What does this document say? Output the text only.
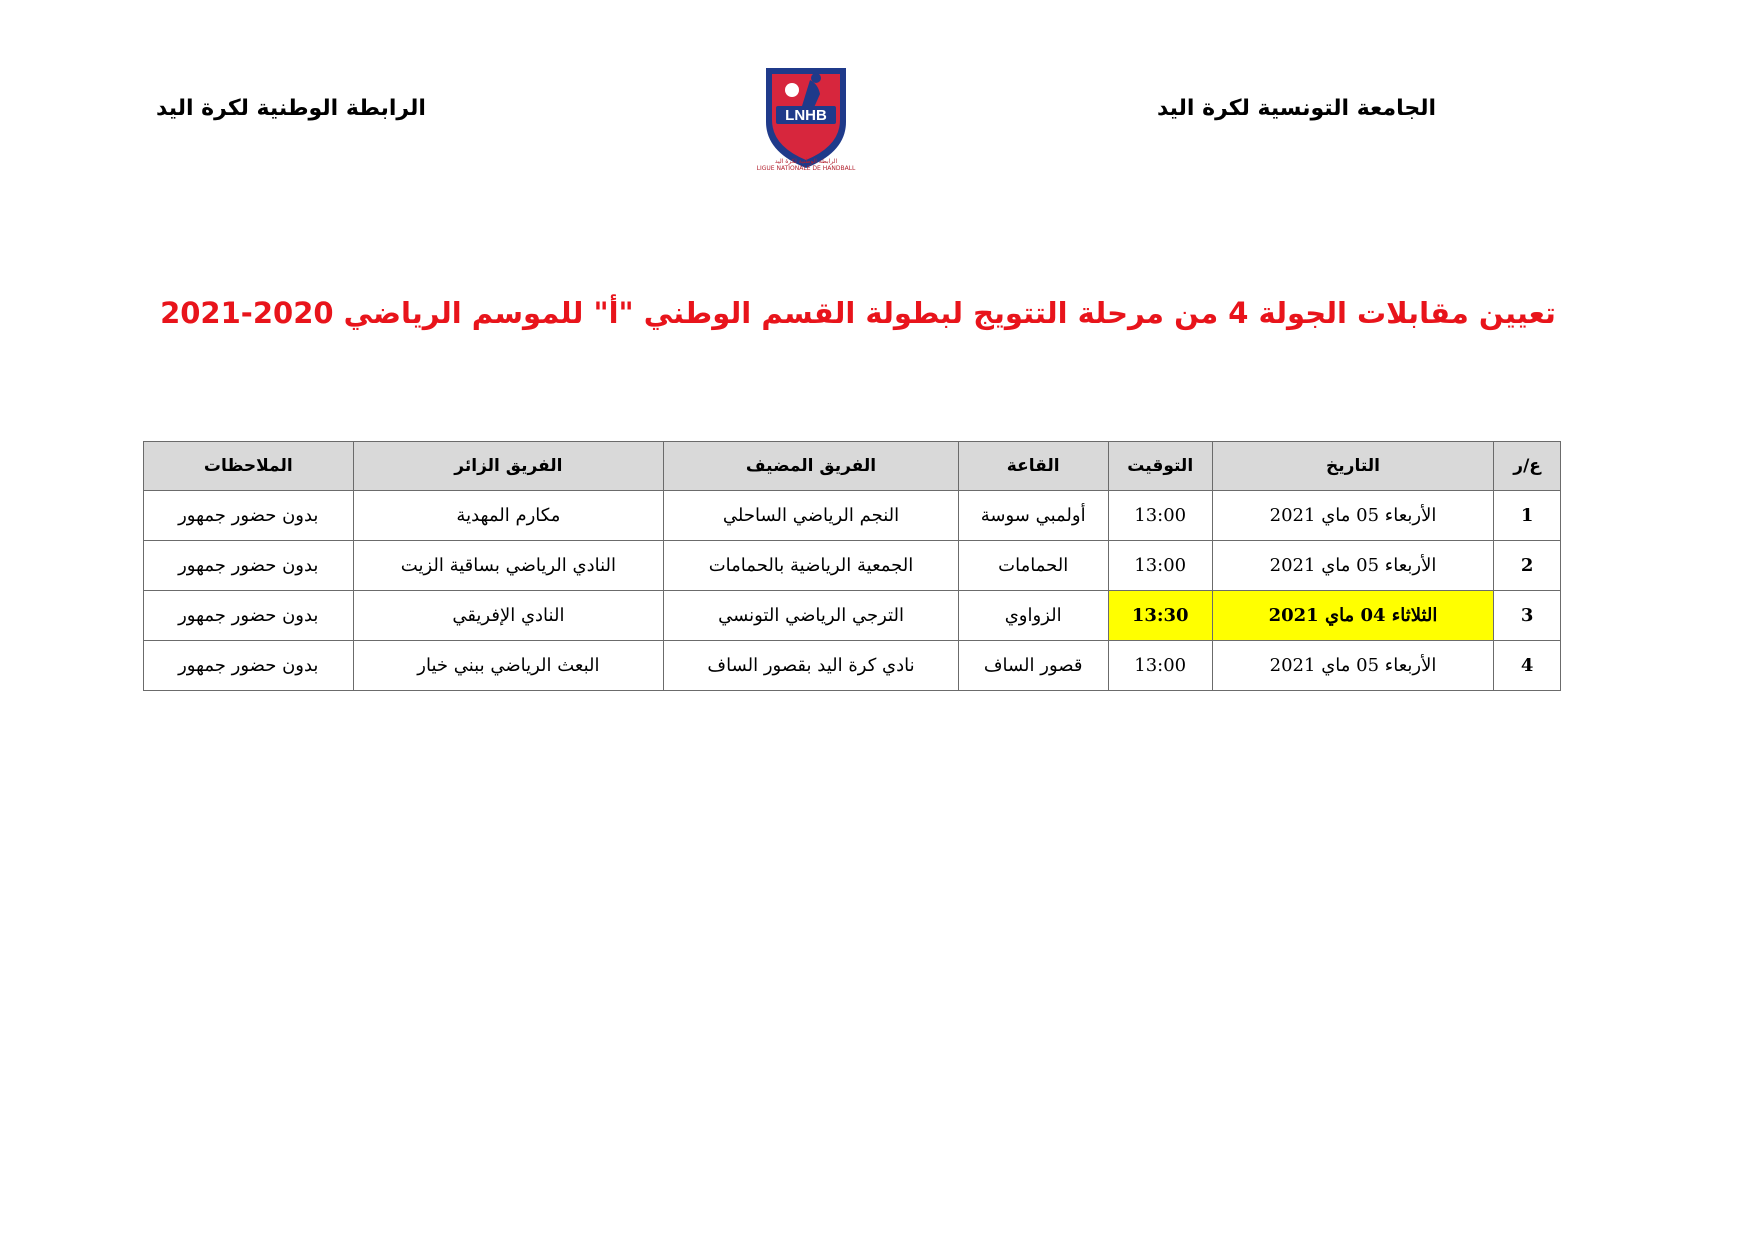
الجامعة التونسية لكرة اليد
الرابطة الوطنية لكرة اليد	LNHB
الرابطة الوطنية لكرة اليد
LIGUE NATIONALE DE HANDBALL
تعيين مقابلات الجولة 4 من مرحلة التتويج لبطولة القسم الوطني "أ" للموسم الرياضي 2020-2021
ع/ر	التاريخ	التوقيت	القاعة	الفريق المضيف	الفريق الزائر	الملاحظات
1	الأربعاء 05 ماي 2021	13:00	أولمبي سوسة	النجم الرياضي الساحلي	مكارم المهدية	بدون حضور جمهور
2	الأربعاء 05 ماي 2021	13:00	الحمامات	الجمعية الرياضية بالحمامات	النادي الرياضي بساقية الزيت	بدون حضور جمهور
3	الثلاثاء 04 ماي 2021	13:30	الزواوي	الترجي الرياضي التونسي	النادي الإفريقي	بدون حضور جمهور
4	الأربعاء 05 ماي 2021	13:00	قصور الساف	نادي كرة اليد بقصور الساف	البعث الرياضي ببني خيار	بدون حضور جمهور
